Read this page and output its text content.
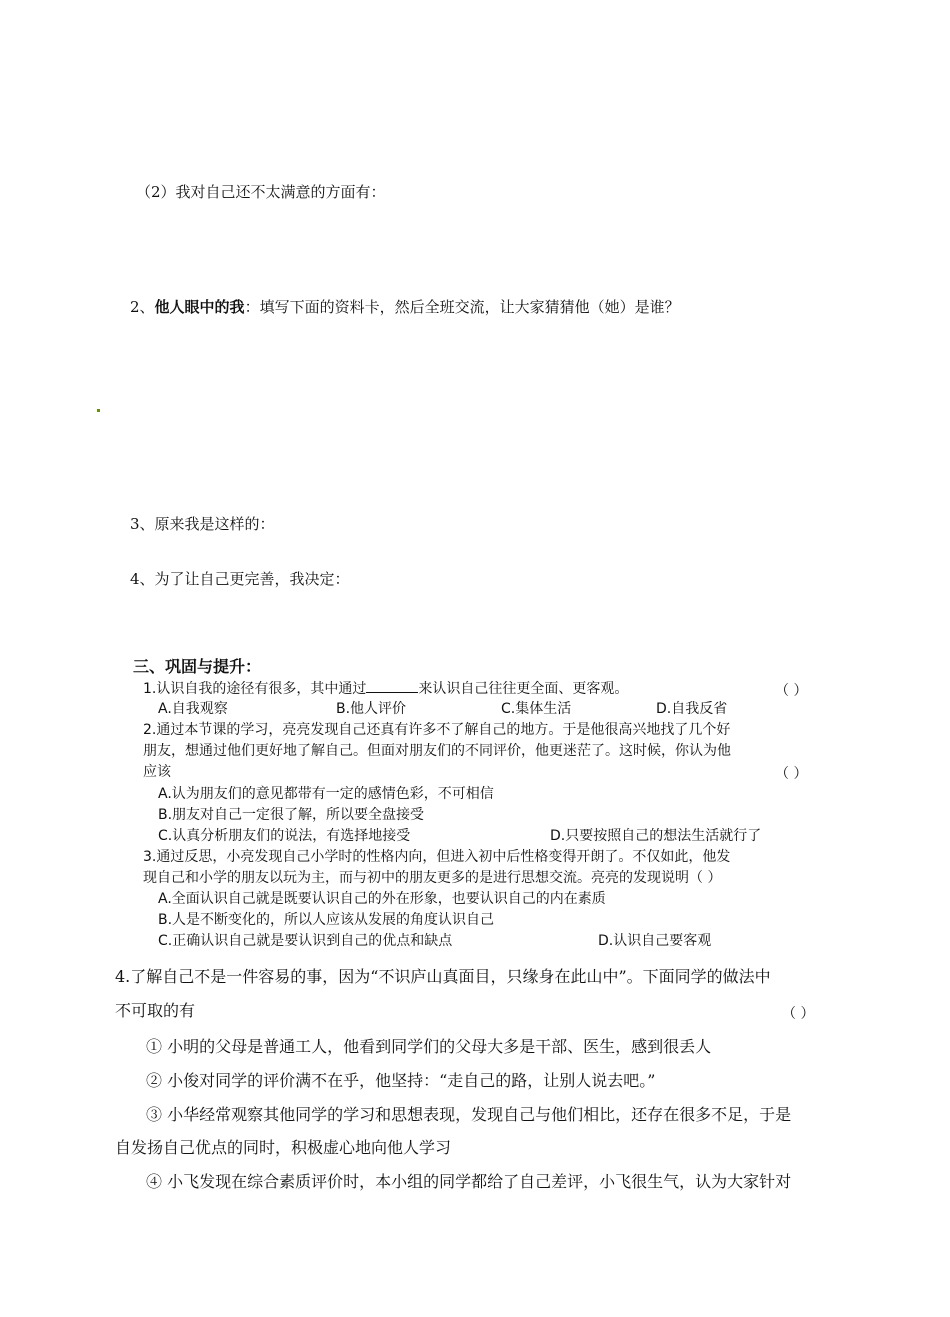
（2）我对自己还不太满意的方面有：
2、他人眼中的我：填写下面的资料卡，然后全班交流，让大家猜猜他（她）是谁？
3、原来我是这样的：
4、为了让自己更完善，我决定：
三、巩固与提升：
1.认识自我的途径有很多，其中通过	来认识自己往往更全面、更客观。	（ ）
A.自我观察	B.他人评价	C.集体生活	D.自我反省
2.通过本节课的学习，亮亮发现自己还真有许多不了解自己的地方。于是他很高兴地找了几个好
朋友，想通过他们更好地了解自己。但面对朋友们的不同评价，他更迷茫了。这时候，你认为他
应该	（ ）
A.认为朋友们的意见都带有一定的感情色彩，不可相信
B.朋友对自己一定很了解，所以要全盘接受
C.认真分析朋友们的说法，有选择地接受	D.只要按照自己的想法生活就行了
3.通过反思，小亮发现自己小学时的性格内向，但进入初中后性格变得开朗了。不仅如此，他发
现自己和小学的朋友以玩为主，而与初中的朋友更多的是进行思想交流。亮亮的发现说明（ ）
A.全面认识自己就是既要认识自己的外在形象，也要认识自己的内在素质
B.人是不断变化的，所以人应该从发展的角度认识自己
C.正确认识自己就是要认识到自己的优点和缺点	D.认识自己要客观
4.了解自己不是一件容易的事，因为“不识庐山真面目，只缘身在此山中”。下面同学的做法中
不可取的有	（ ）
① 小明的父母是普通工人，他看到同学们的父母大多是干部、医生，感到很丢人
② 小俊对同学的评价满不在乎，他坚持：“走自己的路，让别人说去吧。”
③ 小华经常观察其他同学的学习和思想表现，发现自己与他们相比，还存在很多不足，于是
自发扬自己优点的同时，积极虚心地向他人学习
④ 小飞发现在综合素质评价时，本小组的同学都给了自己差评，小飞很生气，认为大家针对
